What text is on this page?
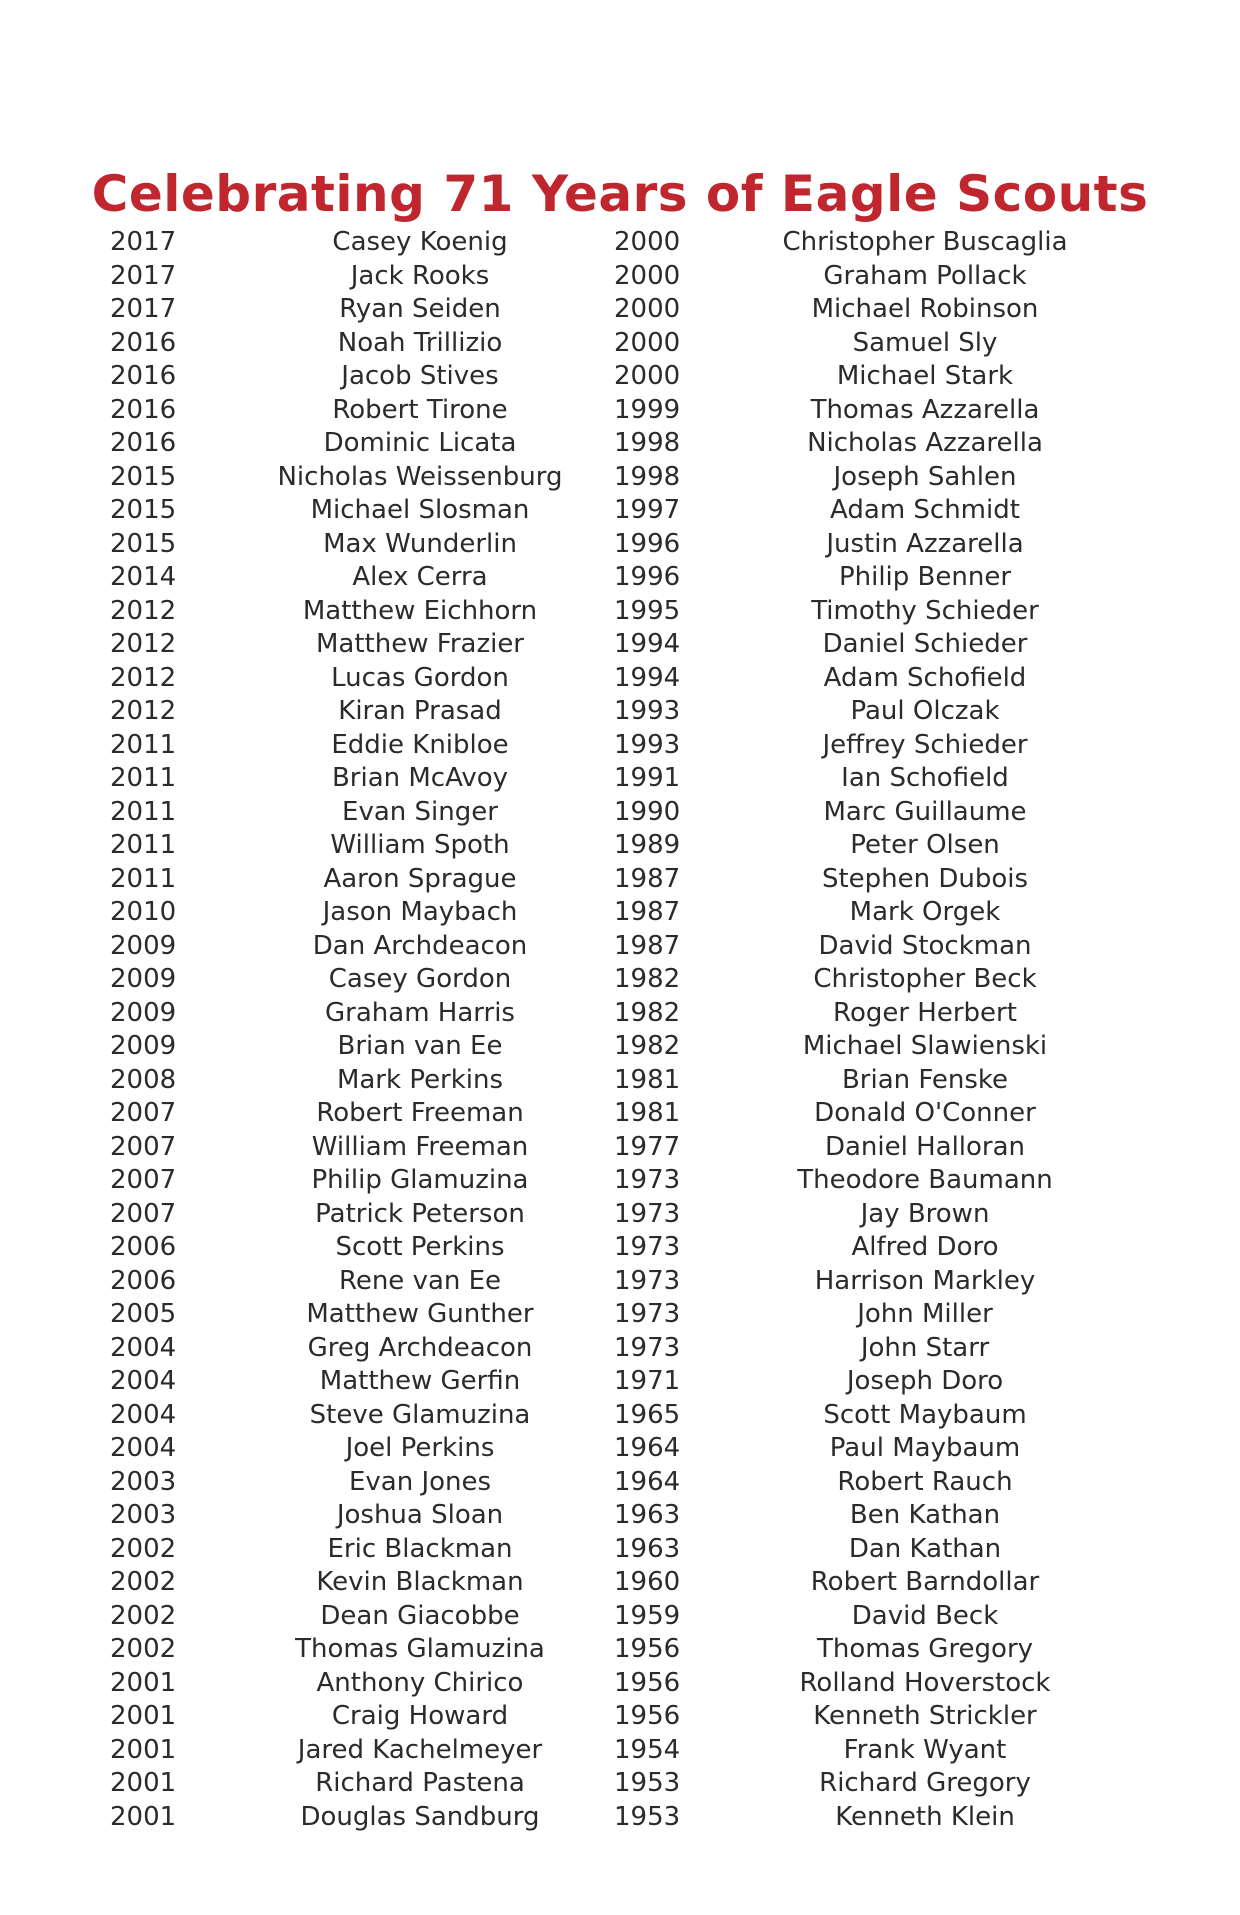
Celebrating 71 Years of Eagle Scouts
2017	Casey Koenig	2000	Christopher Buscaglia
2017	Jack Rooks	2000	Graham Pollack
2017	Ryan Seiden	2000	Michael Robinson
2016	Noah Trillizio	2000	Samuel Sly
2016	Jacob Stives	2000	Michael Stark
2016	Robert Tirone	1999	Thomas Azzarella
2016	Dominic Licata	1998	Nicholas Azzarella
2015	Nicholas Weissenburg	1998	Joseph Sahlen
2015	Michael Slosman	1997	Adam Schmidt
2015	Max Wunderlin	1996	Justin Azzarella
2014	Alex Cerra	1996	Philip Benner
2012	Matthew Eichhorn	1995	Timothy Schieder
2012	Matthew Frazier	1994	Daniel Schieder
2012	Lucas Gordon	1994	Adam Schofield
2012	Kiran Prasad	1993	Paul Olczak
2011	Eddie Knibloe	1993	Jeffrey Schieder
2011	Brian McAvoy	1991	Ian Schofield
2011	Evan Singer	1990	Marc Guillaume
2011	William Spoth	1989	Peter Olsen
2011	Aaron Sprague	1987	Stephen Dubois
2010	Jason Maybach	1987	Mark Orgek
2009	Dan Archdeacon	1987	David Stockman
2009	Casey Gordon	1982	Christopher Beck
2009	Graham Harris	1982	Roger Herbert
2009	Brian van Ee	1982	Michael Slawienski
2008	Mark Perkins	1981	Brian Fenske
2007	Robert Freeman	1981	Donald O'Conner
2007	William Freeman	1977	Daniel Halloran
2007	Philip Glamuzina	1973	Theodore Baumann
2007	Patrick Peterson	1973	Jay Brown
2006	Scott Perkins	1973	Alfred Doro
2006	Rene van Ee	1973	Harrison Markley
2005	Matthew Gunther	1973	John Miller
2004	Greg Archdeacon	1973	John Starr
2004	Matthew Gerfin	1971	Joseph Doro
2004	Steve Glamuzina	1965	Scott Maybaum
2004	Joel Perkins	1964	Paul Maybaum
2003	Evan Jones	1964	Robert Rauch
2003	Joshua Sloan	1963	Ben Kathan
2002	Eric Blackman	1963	Dan Kathan
2002	Kevin Blackman	1960	Robert Barndollar
2002	Dean Giacobbe	1959	David Beck
2002	Thomas Glamuzina	1956	Thomas Gregory
2001	Anthony Chirico	1956	Rolland Hoverstock
2001	Craig Howard	1956	Kenneth Strickler
2001	Jared Kachelmeyer	1954	Frank Wyant
2001	Richard Pastena	1953	Richard Gregory
2001	Douglas Sandburg	1953	Kenneth Klein
